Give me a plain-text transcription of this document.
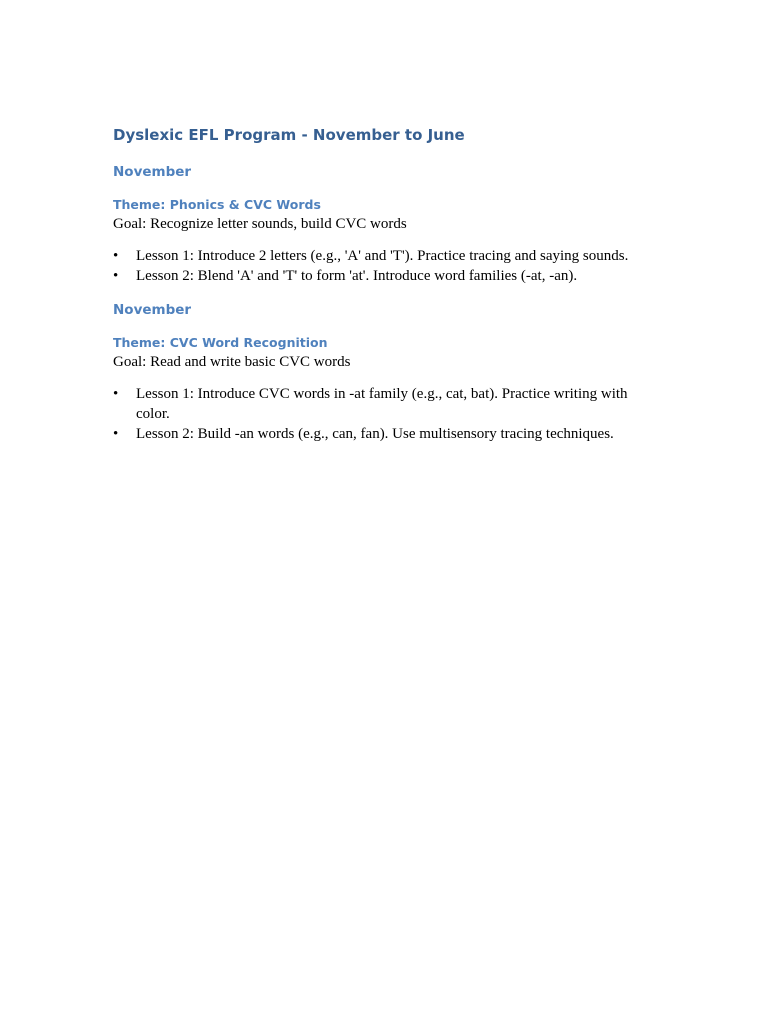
Dyslexic EFL Program - November to June
November
Theme: Phonics & CVC Words

Goal: Recognize letter sounds, build CVC words

• Lesson 1: Introduce 2 letters (e.g., 'A' and 'T'). Practice tracing and saying sounds.
• Lesson 2: Blend 'A' and 'T' to form 'at'. Introduce word families (-at, -an).
November
Theme: CVC Word Recognition

Goal: Read and write basic CVC words

• Lesson 1: Introduce CVC words in -at family (e.g., cat, bat). Practice writing with color.
• Lesson 2: Build -an words (e.g., can, fan). Use multisensory tracing techniques.
